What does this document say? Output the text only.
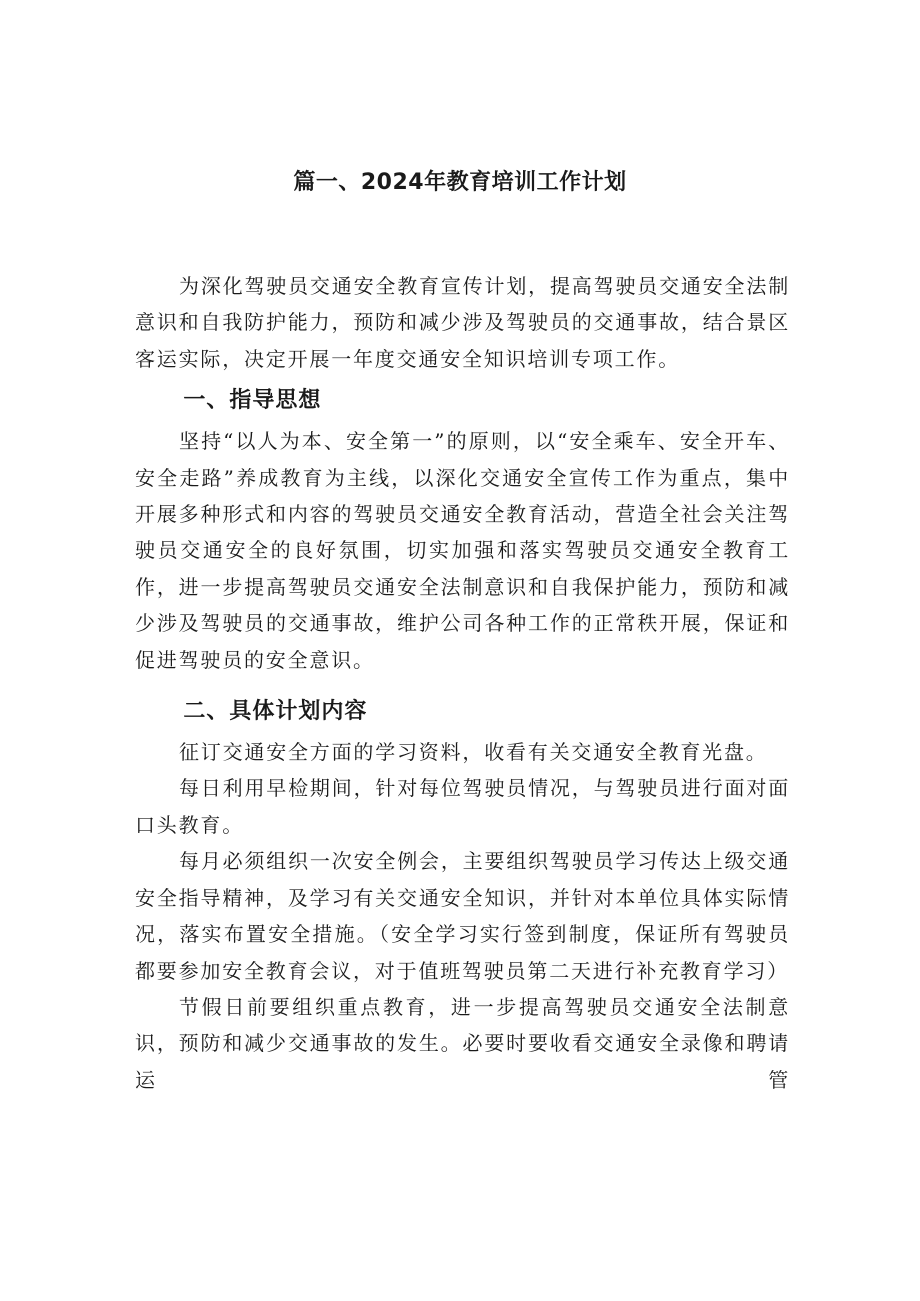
篇一、2024年教育培训工作计划

为深化驾驶员交通安全教育宣传计划，提高驾驶员交通安全法制意识和自我防护能力，预防和减少涉及驾驶员的交通事故，结合景区客运实际，决定开展一年度交通安全知识培训专项工作。

一、指导思想

坚持“以人为本、安全第一”的原则，以“安全乘车、安全开车、安全走路”养成教育为主线，以深化交通安全宣传工作为重点，集中开展多种形式和内容的驾驶员交通安全教育活动，营造全社会关注驾驶员交通安全的良好氛围，切实加强和落实驾驶员交通安全教育工作，进一步提高驾驶员交通安全法制意识和自我保护能力，预防和减少涉及驾驶员的交通事故，维护公司各种工作的正常秩开展，保证和促进驾驶员的安全意识。

二、具体计划内容

征订交通安全方面的学习资料，收看有关交通安全教育光盘。

每日利用早检期间，针对每位驾驶员情况，与驾驶员进行面对面口头教育。

每月必须组织一次安全例会，主要组织驾驶员学习传达上级交通安全指导精神，及学习有关交通安全知识，并针对本单位具体实际情况，落实布置安全措施。（安全学习实行签到制度，保证所有驾驶员都要参加安全教育会议，对于值班驾驶员第二天进行补充教育学习）

节假日前要组织重点教育，进一步提高驾驶员交通安全法制意识，预防和减少交通事故的发生。必要时要收看交通安全录像和聘请运管
